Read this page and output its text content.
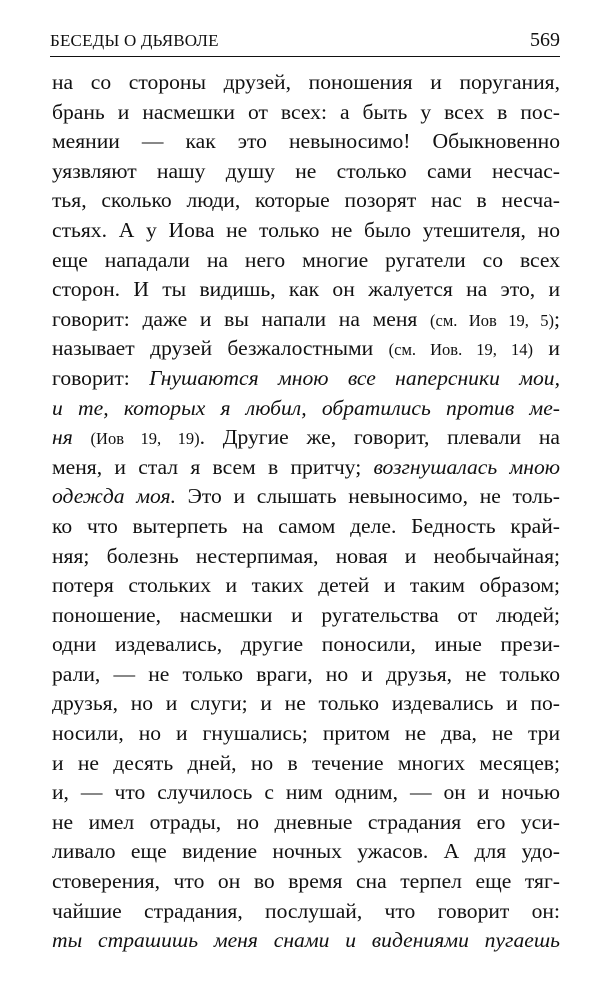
БЕСЕДЫ О ДЬЯВОЛЕ	569
на со стороны друзей, поношения и поругания,
брань и насмешки от всех: а быть у всех в пос-
меянии — как это невыносимо! Обыкновенно
уязвляют нашу душу не столько сами несчас-
тья, сколько люди, которые позорят нас в несча-
стьях. А у Иова не только не было утешителя, но
еще нападали на него многие ругатели со всех
сторон. И ты видишь, как он жалуется на это, и
говорит: даже и вы напали на меня (см. Иов 19, 5);
называет друзей безжалостными (см. Иов. 19, 14) и
говорит: Гнушаются мною все наперсники мои,
и те, которых я любил, обратились против ме-
ня (Иов 19, 19). Другие же, говорит, плевали на
меня, и стал я всем в притчу; возгнушалась мною
одежда моя. Это и слышать невыносимо, не толь-
ко что вытерпеть на самом деле. Бедность край-
няя; болезнь нестерпимая, новая и необычайная;
потеря стольких и таких детей и таким образом;
поношение, насмешки и ругательства от людей;
одни издевались, другие поносили, иные прези-
рали, — не только враги, но и друзья, не только
друзья, но и слуги; и не только издевались и по-
носили, но и гнушались; притом не два, не три
и не десять дней, но в течение многих месяцев;
и, — что случилось с ним одним, — он и ночью
не имел отрады, но дневные страдания его уси-
ливало еще видение ночных ужасов. А для удо-
стоверения, что он во время сна терпел еще тяг-
чайшие страдания, послушай, что говорит он:
ты страшишь меня снами и видениями пугаешь
